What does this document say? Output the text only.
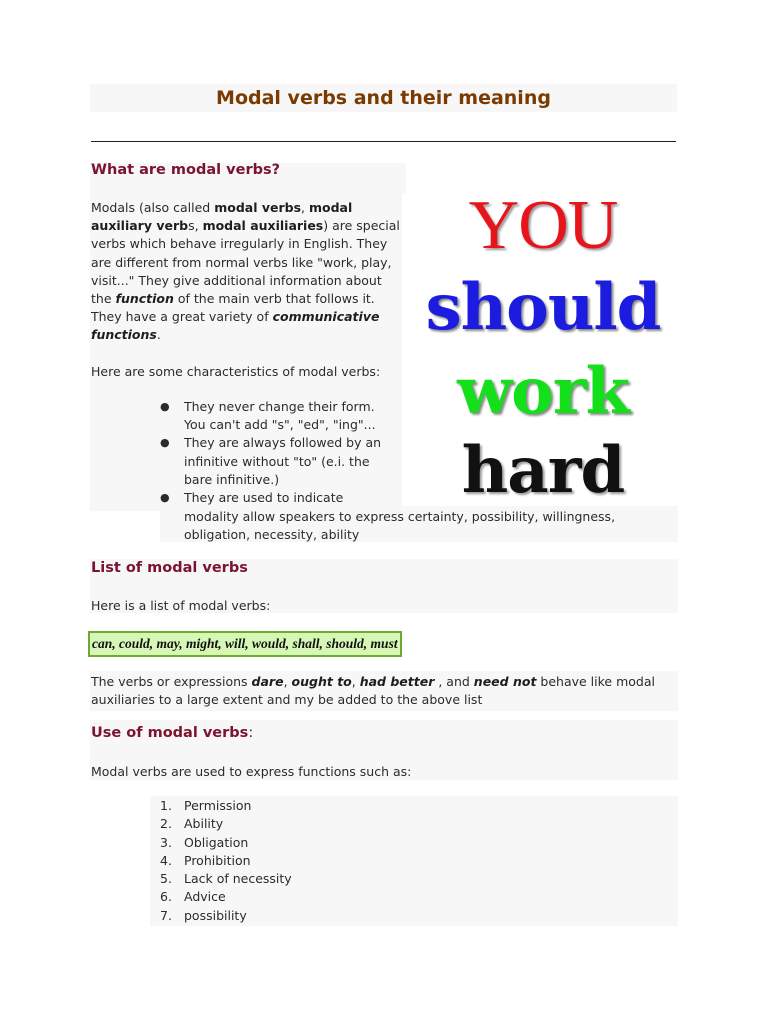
Modal verbs and their meaning
What are modal verbs?
Modals (also called modal verbs, modal
auxiliary verbs, modal auxiliaries) are special
verbs which behave irregularly in English. They
are different from normal verbs like "work, play,
visit..." They give additional information about
the function of the main verb that follows it.
They have a great variety of communicative
functions.
Here are some characteristics of modal verbs:
● They never change their form.
You can't add "s", "ed", "ing"...
● They are always followed by an
infinitive without "to" (e.i. the
bare infinitive.)
● They are used to indicate
modality allow speakers to express certainty, possibility, willingness,
obligation, necessity, ability
YOU
should
work
hard
List of modal verbs
Here is a list of modal verbs:
can, could, may, might, will, would, shall, should, must
The verbs or expressions dare, ought to, had better , and need not behave like modal
auxiliaries to a large extent and my be added to the above list
Use of modal verbs:
Modal verbs are used to express functions such as:
1. Permission
2. Ability
3. Obligation
4. Prohibition
5. Lack of necessity
6. Advice
7. possibility
